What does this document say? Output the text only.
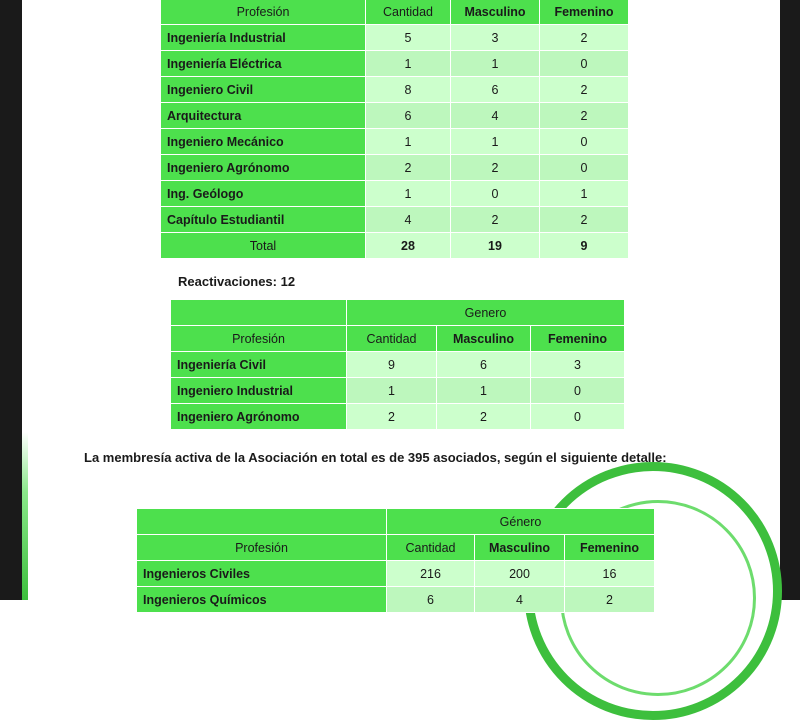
Profesión	Cantidad	Masculino	Femenino
Ingeniería Industrial	5	3	2
Ingeniería Eléctrica	1	1	0
Ingeniero Civil	8	6	2
Arquitectura	6	4	2
Ingeniero Mecánico	1	1	0
Ingeniero Agrónomo	2	2	0
Ing. Geólogo	1	0	1
Capítulo Estudiantil	4	2	2
Total	28	19	9
Reactivaciones: 12
	Genero		
Profesión	Cantidad	Masculino	Femenino
Ingeniería Civil	9	6	3
Ingeniero Industrial	1	1	0
Ingeniero Agrónomo	2	2	0
La membresía activa de la Asociación en total es de 395 asociados, según el siguiente detalle:
	Género		
Profesión	Cantidad	Masculino	Femenino
Ingenieros Civiles	216	200	16
Ingenieros Químicos	6	4	2
